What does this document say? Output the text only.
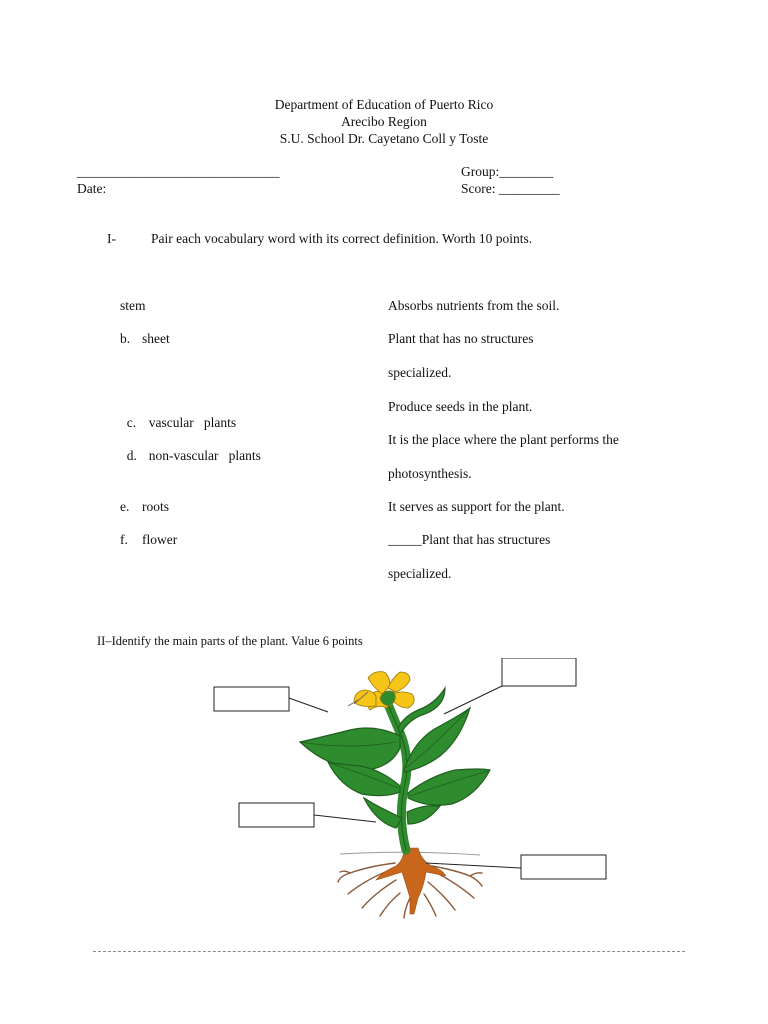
Department of Education of Puerto Rico
Arecibo Region
S.U. School Dr. Cayetano Coll y Toste
______________________________
Date:
Group:________
Score: _________
I-	Pair each vocabulary word with its correct definition. Worth 10 points.
stem
b. sheet

c. vascular   plants

d. non-vascular   plants

e. roots
f. flower
Absorbs nutrients from the soil.
Plant that has no structures
specialized.
Produce seeds in the plant.
It is the place where the plant performs the
photosynthesis.
It serves as support for the plant.
_____Plant that has structures
specialized.
II–Identify the main parts of the plant. Value 6 points
